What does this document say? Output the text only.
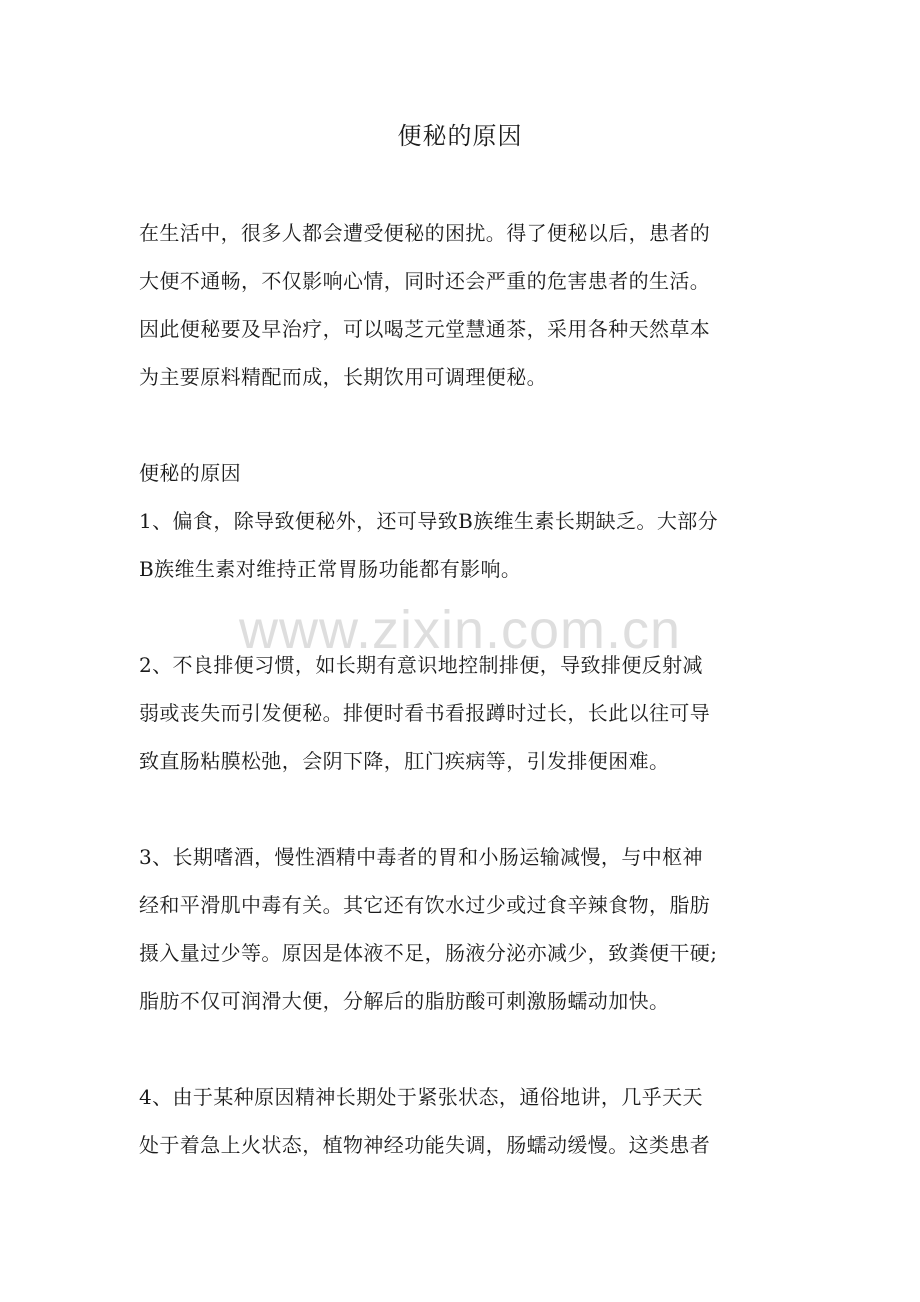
便秘的原因
在生活中，很多人都会遭受便秘的困扰。得了便秘以后，患者的
大便不通畅，不仅影响心情，同时还会严重的危害患者的生活。
因此便秘要及早治疗，可以喝芝元堂慧通茶，采用各种天然草本
为主要原料精配而成，长期饮用可调理便秘。
便秘的原因
1、偏食，除导致便秘外，还可导致B族维生素长期缺乏。大部分
B族维生素对维持正常胃肠功能都有影响。
www.zixin.com.cn
2、不良排便习惯，如长期有意识地控制排便，导致排便反射减
弱或丧失而引发便秘。排便时看书看报蹲时过长，长此以往可导
致直肠粘膜松弛，会阴下降，肛门疾病等，引发排便困难。
3、长期嗜酒，慢性酒精中毒者的胃和小肠运输减慢，与中枢神
经和平滑肌中毒有关。其它还有饮水过少或过食辛辣食物，脂肪
摄入量过少等。原因是体液不足，肠液分泌亦减少，致粪便干硬;
脂肪不仅可润滑大便，分解后的脂肪酸可刺激肠蠕动加快。
4、由于某种原因精神长期处于紧张状态，通俗地讲，几乎天天
处于着急上火状态，植物神经功能失调，肠蠕动缓慢。这类患者
